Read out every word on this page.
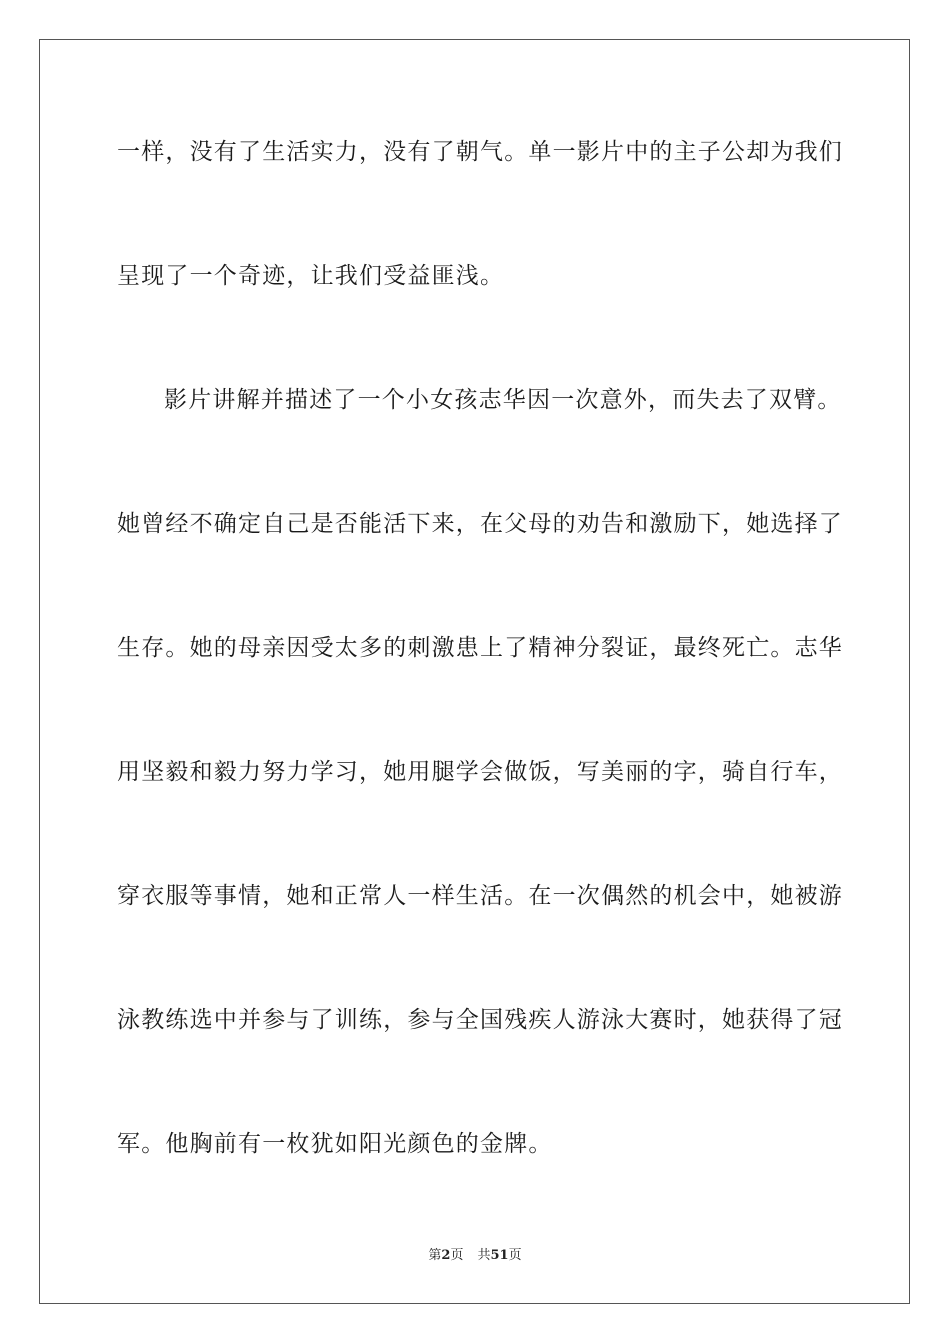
一样，没有了生活实力，没有了朝气。单一影片中的主子公却为我们
呈现了一个奇迹，让我们受益匪浅。
影片讲解并描述了一个小女孩志华因一次意外，而失去了双臂。
她曾经不确定自己是否能活下来，在父母的劝告和激励下，她选择了
生存。她的母亲因受太多的刺激患上了精神分裂证，最终死亡。志华
用坚毅和毅力努力学习，她用腿学会做饭，写美丽的字，骑自行车，
穿衣服等事情，她和正常人一样生活。在一次偶然的机会中，她被游
泳教练选中并参与了训练，参与全国残疾人游泳大赛时，她获得了冠
军。他胸前有一枚犹如阳光颜色的金牌。
第2页 共51页
